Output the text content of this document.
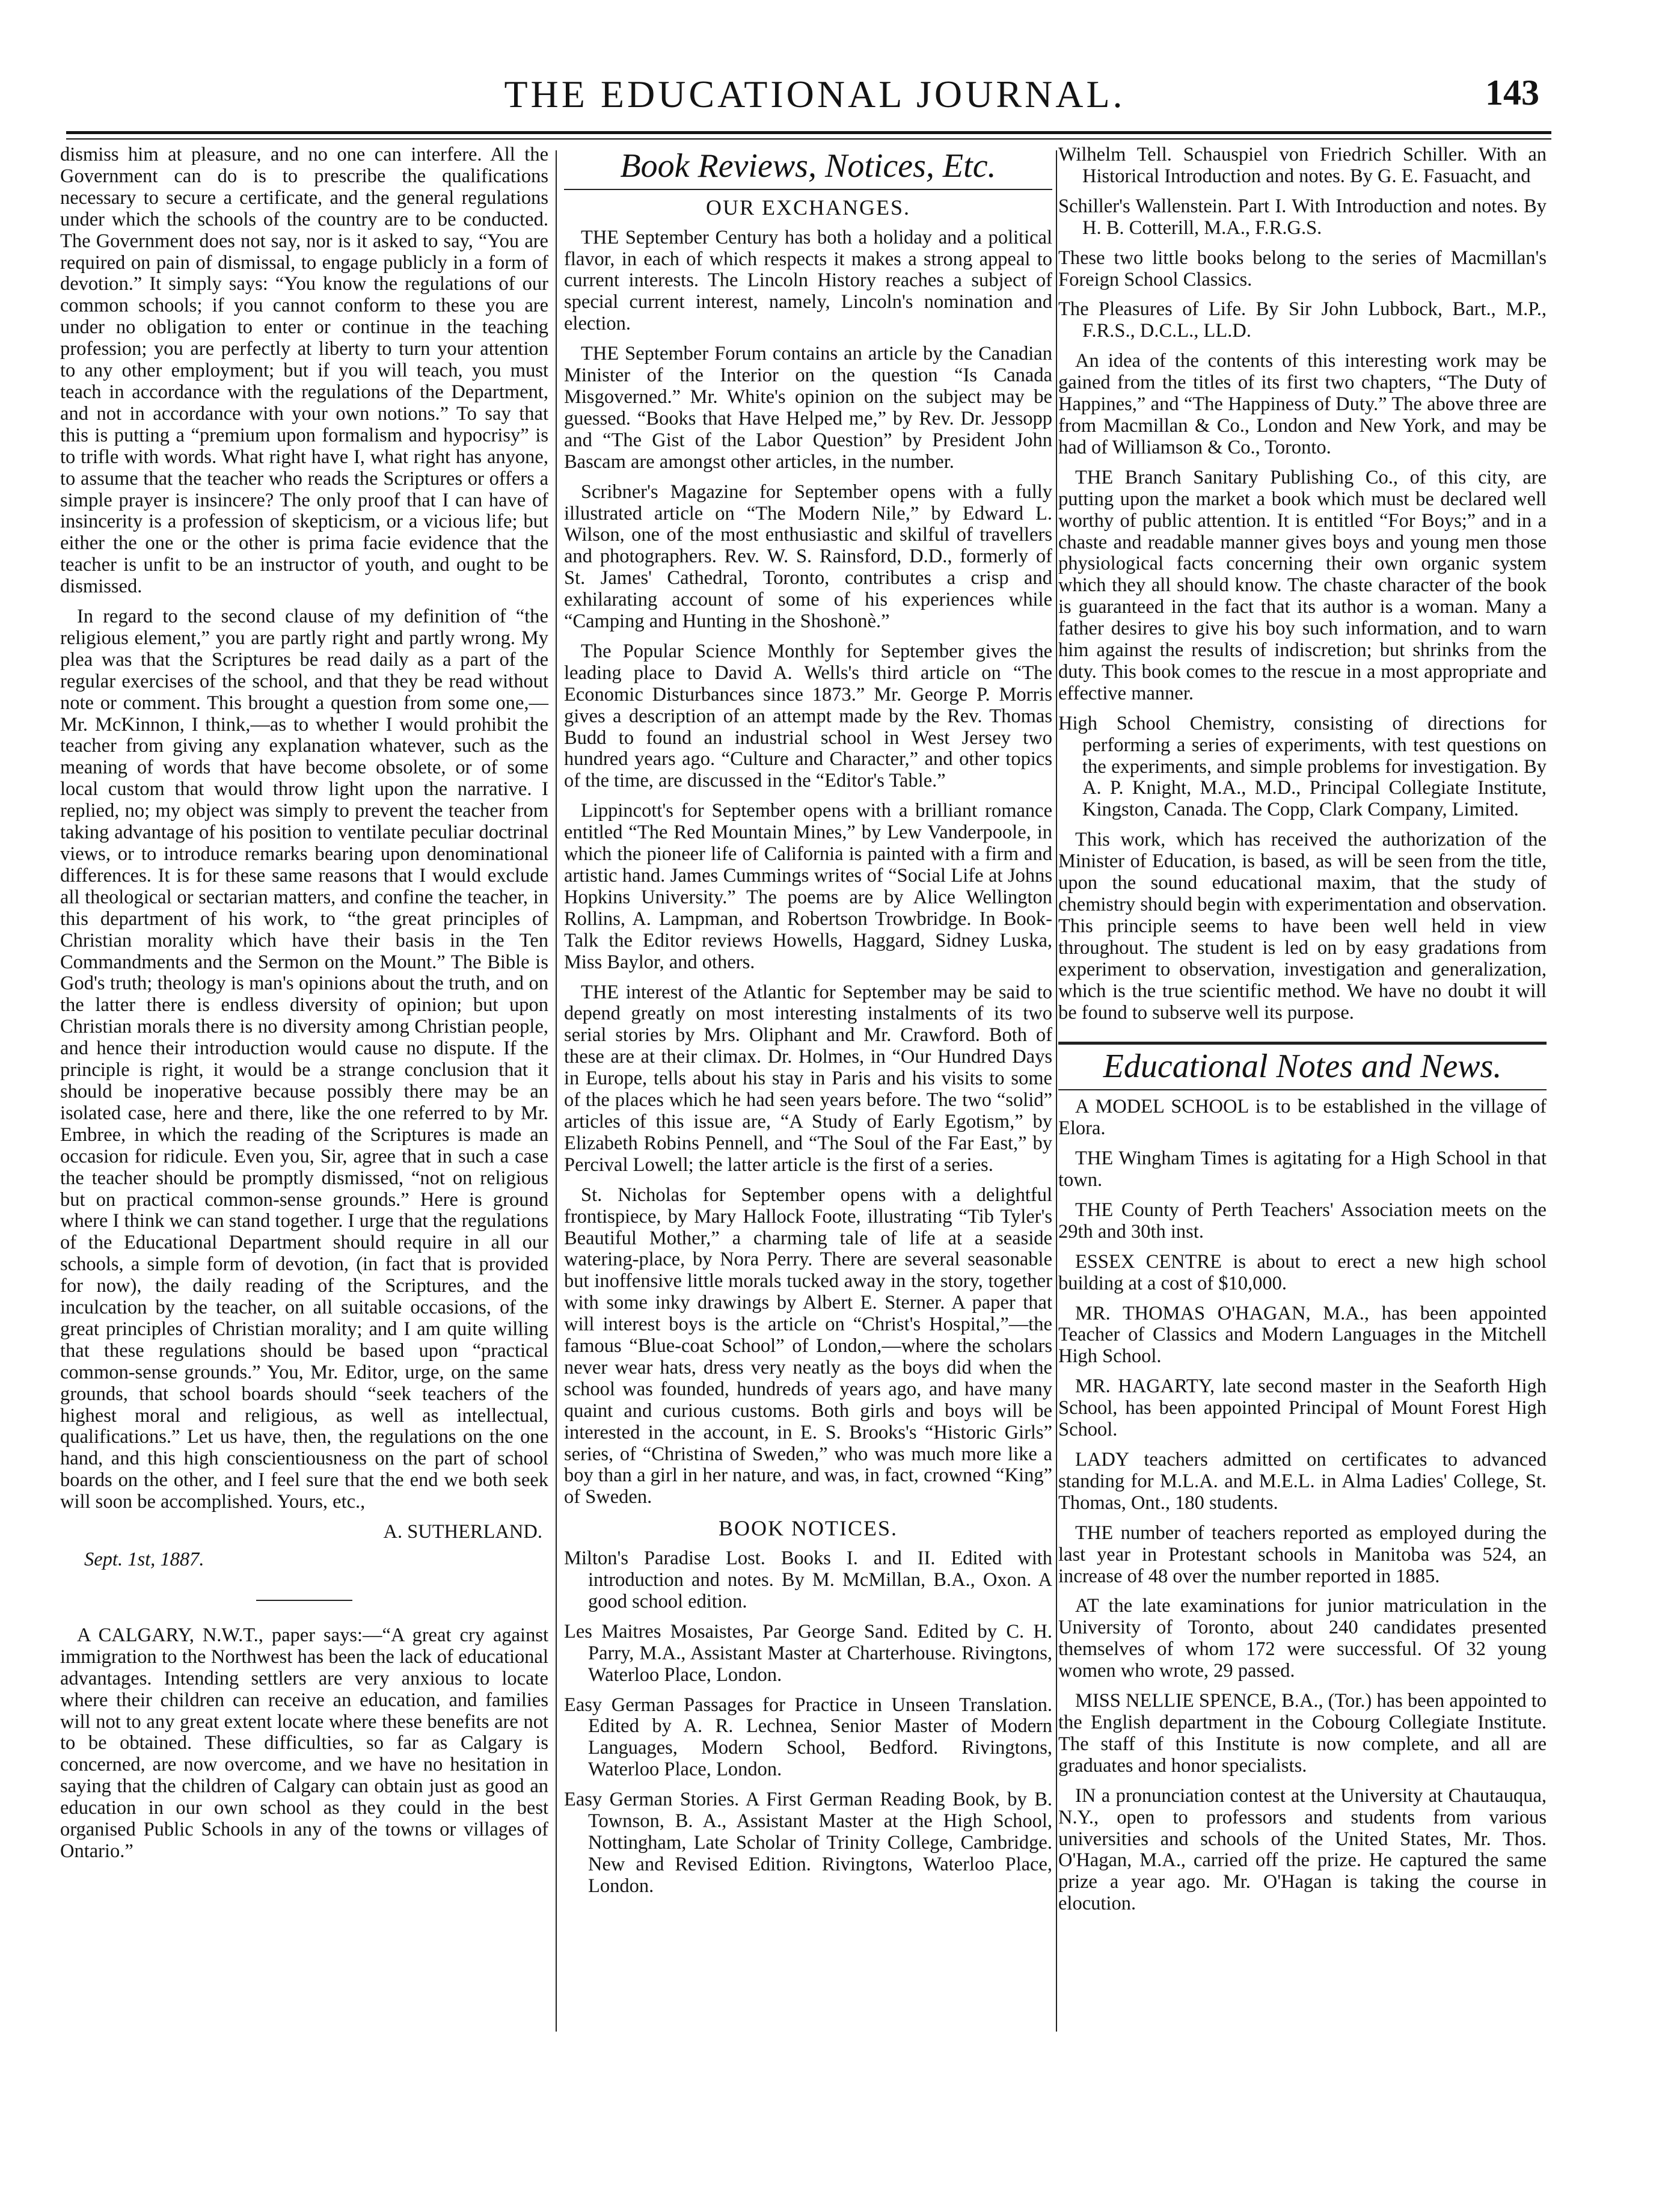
THE EDUCATIONAL JOURNAL.	143

dismiss him at pleasure, and no one can interfere. All the Government can do is to prescribe the qualifications necessary to secure a certificate, and the general regulations under which the schools of the country are to be conducted. The Government does not say, nor is it asked to say, “You are required on pain of dismissal, to engage publicly in a form of devotion.” It simply says: “You know the regulations of our common schools; if you cannot conform to these you are under no obligation to enter or continue in the teaching profession; you are perfectly at liberty to turn your attention to any other employment; but if you will teach, you must teach in accordance with the regulations of the Department, and not in accordance with your own notions.” To say that this is putting a “premium upon formalism and hypocrisy” is to trifle with words. What right have I, what right has anyone, to assume that the teacher who reads the Scriptures or offers a simple prayer is insincere? The only proof that I can have of insincerity is a profession of skepticism, or a vicious life; but either the one or the other is prima facie evidence that the teacher is unfit to be an instructor of youth, and ought to be dismissed.

In regard to the second clause of my definition of “the religious element,” you are partly right and partly wrong. My plea was that the Scriptures be read daily as a part of the regular exercises of the school, and that they be read without note or comment. This brought a question from some one,—Mr. McKinnon, I think,—as to whether I would prohibit the teacher from giving any explanation whatever, such as the meaning of words that have become obsolete, or of some local custom that would throw light upon the narrative. I replied, no; my object was simply to prevent the teacher from taking advantage of his position to ventilate peculiar doctrinal views, or to introduce remarks bearing upon denominational differences. It is for these same reasons that I would exclude all theological or sectarian matters, and confine the teacher, in this department of his work, to “the great principles of Christian morality which have their basis in the Ten Commandments and the Sermon on the Mount.” The Bible is God's truth; theology is man's opinions about the truth, and on the latter there is endless diversity of opinion; but upon Christian morals there is no diversity among Christian people, and hence their introduction would cause no dispute. If the principle is right, it would be a strange conclusion that it should be inoperative because possibly there may be an isolated case, here and there, like the one referred to by Mr. Embree, in which the reading of the Scriptures is made an occasion for ridicule. Even you, Sir, agree that in such a case the teacher should be promptly dismissed, “not on religious but on practical common-sense grounds.” Here is ground where I think we can stand together. I urge that the regulations of the Educational Department should require in all our schools, a simple form of devotion, (in fact that is provided for now), the daily reading of the Scriptures, and the inculcation by the teacher, on all suitable occasions, of the great principles of Christian morality; and I am quite willing that these regulations should be based upon “practical common-sense grounds.” You, Mr. Editor, urge, on the same grounds, that school boards should “seek teachers of the highest moral and religious, as well as intellectual, qualifications.” Let us have, then, the regulations on the one hand, and this high conscientiousness on the part of school boards on the other, and I feel sure that the end we both seek will soon be accomplished. Yours, etc.,

A. SUTHERLAND.
Sept. 1st, 1887.

A CALGARY, N.W.T., paper says:—“A great cry against immigration to the Northwest has been the lack of educational advantages. Intending settlers are very anxious to locate where their children can receive an education, and families will not to any great extent locate where these benefits are not to be obtained. These difficulties, so far as Calgary is concerned, are now overcome, and we have no hesitation in saying that the children of Calgary can obtain just as good an education in our own school as they could in the best organised Public Schools in any of the towns or villages of Ontario.”

Book Reviews, Notices, Etc.
OUR EXCHANGES.

THE September Century has both a holiday and a political flavor, in each of which respects it makes a strong appeal to current interests. The Lincoln History reaches a subject of special current interest, namely, Lincoln's nomination and election.

THE September Forum contains an article by the Canadian Minister of the Interior on the question “Is Canada Misgoverned.” Mr. White's opinion on the subject may be guessed. “Books that Have Helped me,” by Rev. Dr. Jessopp and “The Gist of the Labor Question” by President John Bascam are amongst other articles, in the number.

Scribner's Magazine for September opens with a fully illustrated article on “The Modern Nile,” by Edward L. Wilson, one of the most enthusiastic and skilful of travellers and photographers. Rev. W. S. Rainsford, D.D., formerly of St. James' Cathedral, Toronto, contributes a crisp and exhilarating account of some of his experiences while “Camping and Hunting in the Shoshonè.”

The Popular Science Monthly for September gives the leading place to David A. Wells's third article on “The Economic Disturbances since 1873.” Mr. George P. Morris gives a description of an attempt made by the Rev. Thomas Budd to found an industrial school in West Jersey two hundred years ago. “Culture and Character,” and other topics of the time, are discussed in the “Editor's Table.”

Lippincott's for September opens with a brilliant romance entitled “The Red Mountain Mines,” by Lew Vanderpoole, in which the pioneer life of California is painted with a firm and artistic hand. James Cummings writes of “Social Life at Johns Hopkins University.” The poems are by Alice Wellington Rollins, A. Lampman, and Robertson Trowbridge. In Book-Talk the Editor reviews Howells, Haggard, Sidney Luska, Miss Baylor, and others.

THE interest of the Atlantic for September may be said to depend greatly on most interesting instalments of its two serial stories by Mrs. Oliphant and Mr. Crawford. Both of these are at their climax. Dr. Holmes, in “Our Hundred Days in Europe, tells about his stay in Paris and his visits to some of the places which he had seen years before. The two “solid” articles of this issue are, “A Study of Early Egotism,” by Elizabeth Robins Pennell, and “The Soul of the Far East,” by Percival Lowell; the latter article is the first of a series.

St. Nicholas for September opens with a delightful frontispiece, by Mary Hallock Foote, illustrating “Tib Tyler's Beautiful Mother,” a charming tale of life at a seaside watering-place, by Nora Perry. There are several seasonable but inoffensive little morals tucked away in the story, together with some inky drawings by Albert E. Sterner. A paper that will interest boys is the article on “Christ's Hospital,”—the famous “Blue-coat School” of London,—where the scholars never wear hats, dress very neatly as the boys did when the school was founded, hundreds of years ago, and have many quaint and curious customs. Both girls and boys will be interested in the account, in E. S. Brooks's “Historic Girls” series, of “Christina of Sweden,” who was much more like a boy than a girl in her nature, and was, in fact, crowned “King” of Sweden.

BOOK NOTICES.
Milton's Paradise Lost. Books I. and II. Edited with introduction and notes. By M. McMillan, B.A., Oxon. A good school edition.
Les Maitres Mosaistes, Par George Sand. Edited by C. H. Parry, M.A., Assistant Master at Charterhouse. Rivingtons, Waterloo Place, London.
Easy German Passages for Practice in Unseen Translation. Edited by A. R. Lechnea, Senior Master of Modern Languages, Modern School, Bedford. Rivingtons, Waterloo Place, London.
Easy German Stories. A First German Reading Book, by B. Townson, B. A., Assistant Master at the High School, Nottingham, Late Scholar of Trinity College, Cambridge. New and Revised Edition. Rivingtons, Waterloo Place, London.
Wilhelm Tell. Schauspiel von Friedrich Schiller. With an Historical Introduction and notes. By G. E. Fasuacht, and
Schiller's Wallenstein. Part I. With Introduction and notes. By H. B. Cotterill, M.A., F.R.G.S.

These two little books belong to the series of Macmillan's Foreign School Classics.

The Pleasures of Life. By Sir John Lubbock, Bart., M.P., F.R.S., D.C.L., LL.D.

An idea of the contents of this interesting work may be gained from the titles of its first two chapters, “The Duty of Happines,” and “The Happiness of Duty.” The above three are from Macmillan & Co., London and New York, and may be had of Williamson & Co., Toronto.

THE Branch Sanitary Publishing Co., of this city, are putting upon the market a book which must be declared well worthy of public attention. It is entitled “For Boys;” and in a chaste and readable manner gives boys and young men those physiological facts concerning their own organic system which they all should know. The chaste character of the book is guaranteed in the fact that its author is a woman. Many a father desires to give his boy such information, and to warn him against the results of indiscretion; but shrinks from the duty. This book comes to the rescue in a most appropriate and effective manner.

High School Chemistry, consisting of directions for performing a series of experiments, with test questions on the experiments, and simple problems for investigation. By A. P. Knight, M.A., M.D., Principal Collegiate Institute, Kingston, Canada. The Copp, Clark Company, Limited.

This work, which has received the authorization of the Minister of Education, is based, as will be seen from the title, upon the sound educational maxim, that the study of chemistry should begin with experimentation and observation. This principle seems to have been well held in view throughout. The student is led on by easy gradations from experiment to observation, investigation and generalization, which is the true scientific method. We have no doubt it will be found to subserve well its purpose.

Educational Notes and News.

A MODEL SCHOOL is to be established in the village of Elora.

THE Wingham Times is agitating for a High School in that town.

THE County of Perth Teachers' Association meets on the 29th and 30th inst.

ESSEX CENTRE is about to erect a new high school building at a cost of $10,000.

MR. THOMAS O'HAGAN, M.A., has been appointed Teacher of Classics and Modern Languages in the Mitchell High School.

MR. HAGARTY, late second master in the Seaforth High School, has been appointed Principal of Mount Forest High School.

LADY teachers admitted on certificates to advanced standing for M.L.A. and M.E.L. in Alma Ladies' College, St. Thomas, Ont., 180 students.

THE number of teachers reported as employed during the last year in Protestant schools in Manitoba was 524, an increase of 48 over the number reported in 1885.

AT the late examinations for junior matriculation in the University of Toronto, about 240 candidates presented themselves of whom 172 were successful. Of 32 young women who wrote, 29 passed.

MISS NELLIE SPENCE, B.A., (Tor.) has been appointed to the English department in the Cobourg Collegiate Institute. The staff of this Institute is now complete, and all are graduates and honor specialists.

IN a pronunciation contest at the University at Chautauqua, N.Y., open to professors and students from various universities and schools of the United States, Mr. Thos. O'Hagan, M.A., carried off the prize. He captured the same prize a year ago. Mr. O'Hagan is taking the course in elocution.
